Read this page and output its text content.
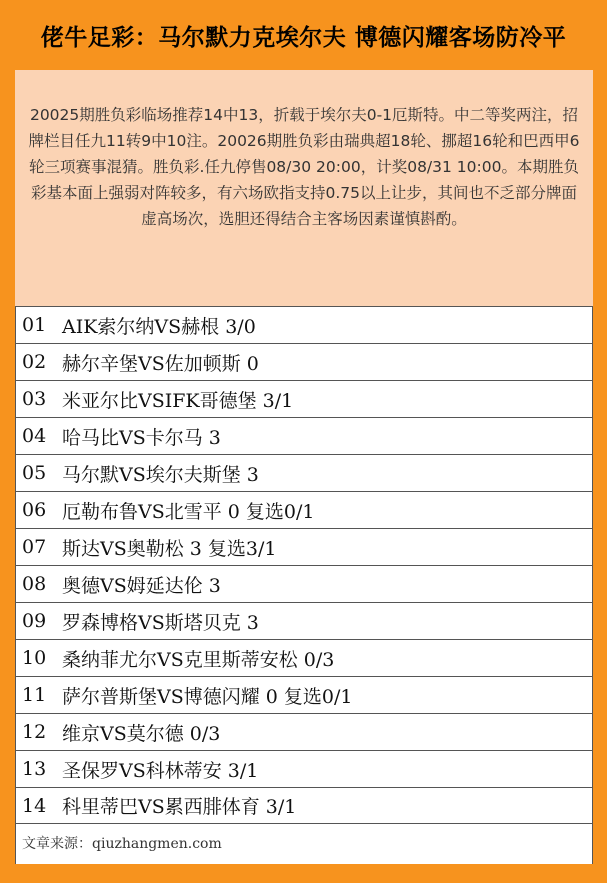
佬牛足彩：马尔默力克埃尔夫 博德闪耀客场防冷平
20025期胜负彩临场推荐14中13，折载于埃尔夫0-1厄斯特。中二等奖两注，招牌栏目任九11转9中10注。20026期胜负彩由瑞典超18轮、挪超16轮和巴西甲6轮三项赛事混猜。胜负彩.任九停售08/30 20:00，计奖08/31 10:00。本期胜负彩基本面上强弱对阵较多，有六场欧指支持0.75以上让步，其间也不乏部分牌面虚高场次，选胆还得结合主客场因素谨慎斟酌。
01 AIK索尔纳VS赫根 3/0
02 赫尔辛堡VS佐加顿斯 0
03 米亚尔比VSIFK哥德堡 3/1
04 哈马比VS卡尔马 3
05 马尔默VS埃尔夫斯堡 3
06 厄勒布鲁VS北雪平 0 复选0/1
07 斯达VS奥勒松 3 复选3/1
08 奥德VS姆延达伦 3
09 罗森博格VS斯塔贝克 3
10 桑纳菲尤尔VS克里斯蒂安松 0/3
11 萨尔普斯堡VS博德闪耀 0 复选0/1
12 维京VS莫尔德 0/3
13 圣保罗VS科林蒂安 3/1
14 科里蒂巴VS累西腓体育 3/1
文章来源：qiuzhangmen.com
